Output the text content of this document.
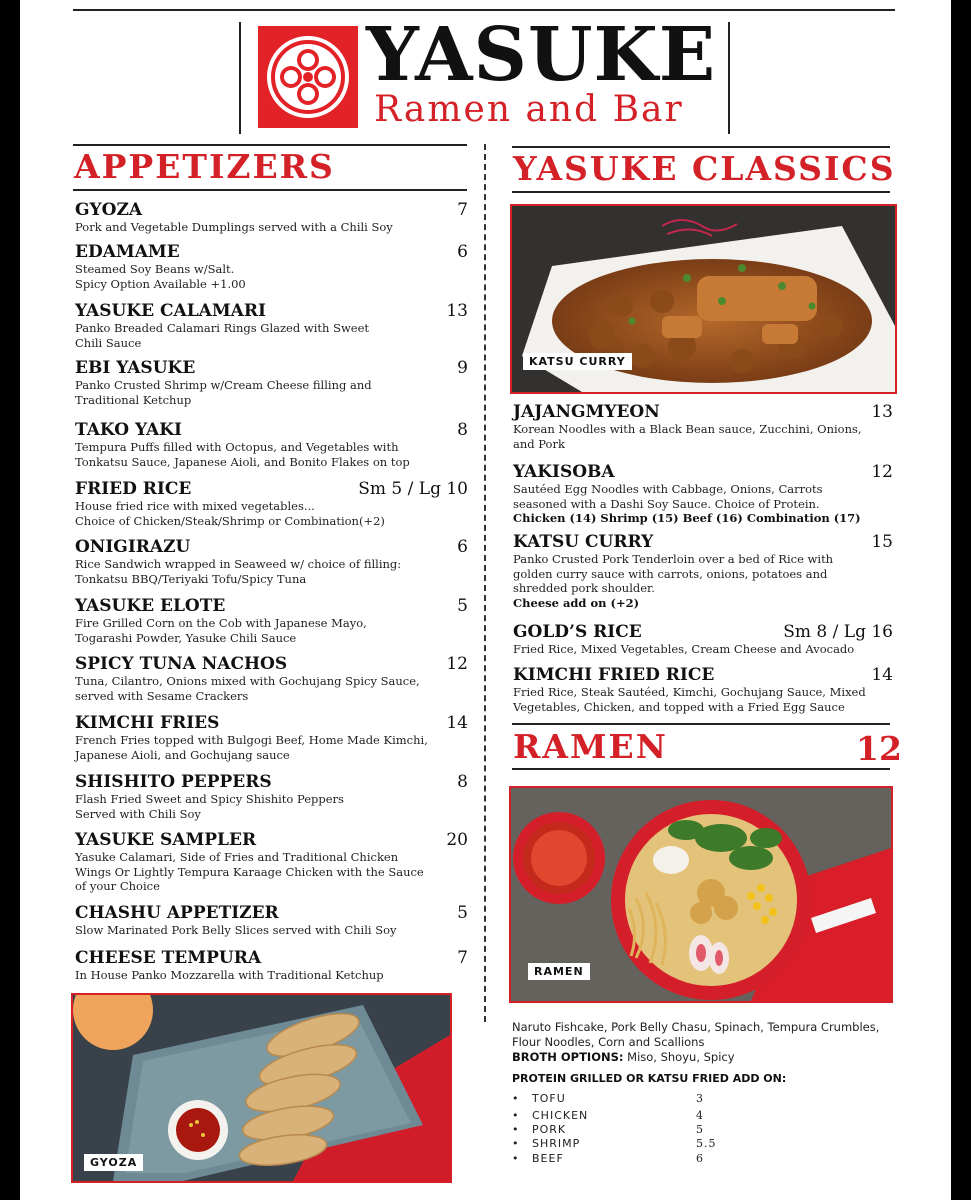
YASUKE
Ramen and Bar
APPETIZERS
GYOZA	7
Pork and Vegetable Dumplings served with a Chili Soy
EDAMAME	6
Steamed Soy Beans w/Salt.
Spicy Option Available +1.00
YASUKE CALAMARI	13
Panko Breaded Calamari Rings Glazed with Sweet
Chili Sauce
EBI YASUKE	9
Panko Crusted Shrimp w/Cream Cheese filling and
Traditional Ketchup
TAKO YAKI	8
Tempura Puffs filled with Octopus, and Vegetables with
Tonkatsu Sauce, Japanese Aioli, and Bonito Flakes on top
FRIED RICE	Sm 5 / Lg 10
House fried rice with mixed vegetables...
Choice of Chicken/Steak/Shrimp or Combination(+2)
ONIGIRAZU	6
Rice Sandwich wrapped in Seaweed w/ choice of filling:
Tonkatsu BBQ/Teriyaki Tofu/Spicy Tuna
YASUKE ELOTE	5
Fire Grilled Corn on the Cob with Japanese Mayo,
Togarashi Powder, Yasuke Chili Sauce
SPICY TUNA NACHOS	12
Tuna, Cilantro, Onions mixed with Gochujang Spicy Sauce,
served with Sesame Crackers
KIMCHI FRIES	14
French Fries topped with Bulgogi Beef, Home Made Kimchi,
Japanese Aioli, and Gochujang sauce
SHISHITO PEPPERS	8
Flash Fried Sweet and Spicy Shishito Peppers
Served with Chili Soy
YASUKE SAMPLER	20
Yasuke Calamari, Side of Fries and Traditional Chicken
Wings Or Lightly Tempura Karaage Chicken with the Sauce
of your Choice
CHASHU APPETIZER	5
Slow Marinated Pork Belly Slices served with Chili Soy
CHEESE TEMPURA	7
In House Panko Mozzarella with Traditional Ketchup
YASUKE CLASSICS
KATSU CURRY
JAJANGMYEON	13
Korean Noodles with a Black Bean sauce, Zucchini, Onions,
and Pork
YAKISOBA	12
Sautéed Egg Noodles with Cabbage, Onions, Carrots
seasoned with a Dashi Soy Sauce. Choice of Protein.
Chicken (14) Shrimp (15) Beef (16) Combination (17)
KATSU CURRY	15
Panko Crusted Pork Tenderloin over a bed of Rice with
golden curry sauce with carrots, onions, potatoes and
shredded pork shoulder.
Cheese add on (+2)
GOLD’S RICE	Sm 8 / Lg 16
Fried Rice, Mixed Vegetables, Cream Cheese and Avocado
KIMCHI FRIED RICE	14
Fried Rice, Steak Sautéed, Kimchi, Gochujang Sauce, Mixed
Vegetables, Chicken, and topped with a Fried Egg Sauce
RAMEN	12
RAMEN
Naruto Fishcake, Pork Belly Chasu, Spinach, Tempura Crumbles, Flour Noodles, Corn and Scallions
BROTH OPTIONS: Miso, Shoyu, Spicy
PROTEIN GRILLED OR KATSU FRIED ADD ON:
• TOFU	3
• CHICKEN	4
• PORK	5
• SHRIMP	5.5
• BEEF	6
GYOZA
